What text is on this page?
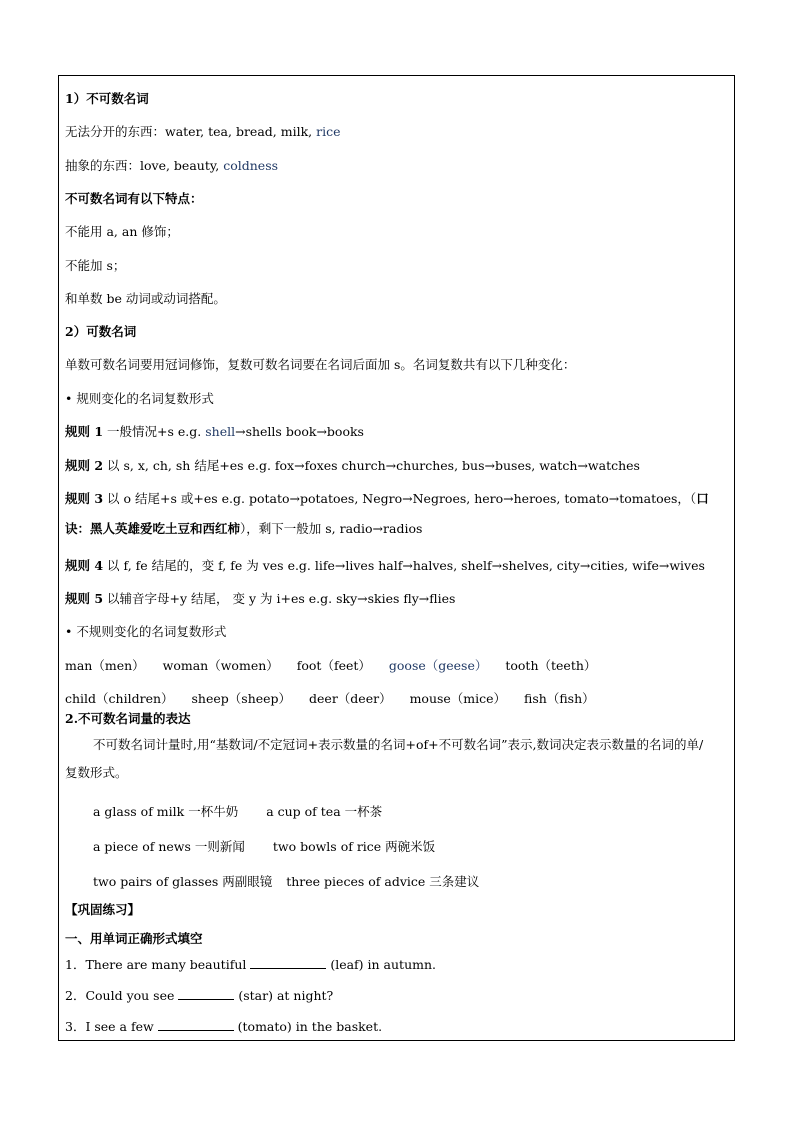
1）不可数名词
无法分开的东西：water, tea, bread, milk, rice
抽象的东西：love, beauty, coldness
不可数名词有以下特点：
不能用 a, an 修饰；
不能加 s；
和单数 be 动词或动词搭配。
2）可数名词
单数可数名词要用冠词修饰，复数可数名词要在名词后面加 s。名词复数共有以下几种变化：
• 规则变化的名词复数形式
规则 1 一般情况+s e.g. shell→shells book→books
规则 2 以 s, x, ch, sh 结尾+es e.g. fox→foxes church→churches, bus→buses, watch→watches
规则 3 以 o 结尾+s 或+es e.g. potato→potatoes, Negro→Negroes, hero→heroes, tomato→tomatoes，（口诀：黑人英雄爱吃土豆和西红柿），剩下一般加 s, radio→radios
规则 4 以 f, fe 结尾的，变 f, fe 为 ves e.g. life→lives half→halves, shelf→shelves, city→cities, wife→wives
规则 5 以辅音字母+y 结尾， 变 y 为 i+es e.g. sky→skies fly→flies
• 不规则变化的名词复数形式
man（men） woman（women） foot（feet） goose（geese） tooth（teeth）
child（children） sheep（sheep） deer（deer） mouse（mice） fish（fish）
2.不可数名词量的表达
不可数名词计量时,用“基数词/不定冠词+表示数量的名词+of+不可数名词”表示,数词决定表示数量的名词的单/复数形式。
a glass of milk 一杯牛奶 a cup of tea 一杯茶
a piece of news 一则新闻 two bowls of rice 两碗米饭
two pairs of glasses 两副眼镜 three pieces of advice 三条建议
【巩固练习】
一、用单词正确形式填空
1．There are many beautiful	(leaf) in autumn.
2．Could you see	(star) at night?
3．I see a few	(tomato) in the basket.
